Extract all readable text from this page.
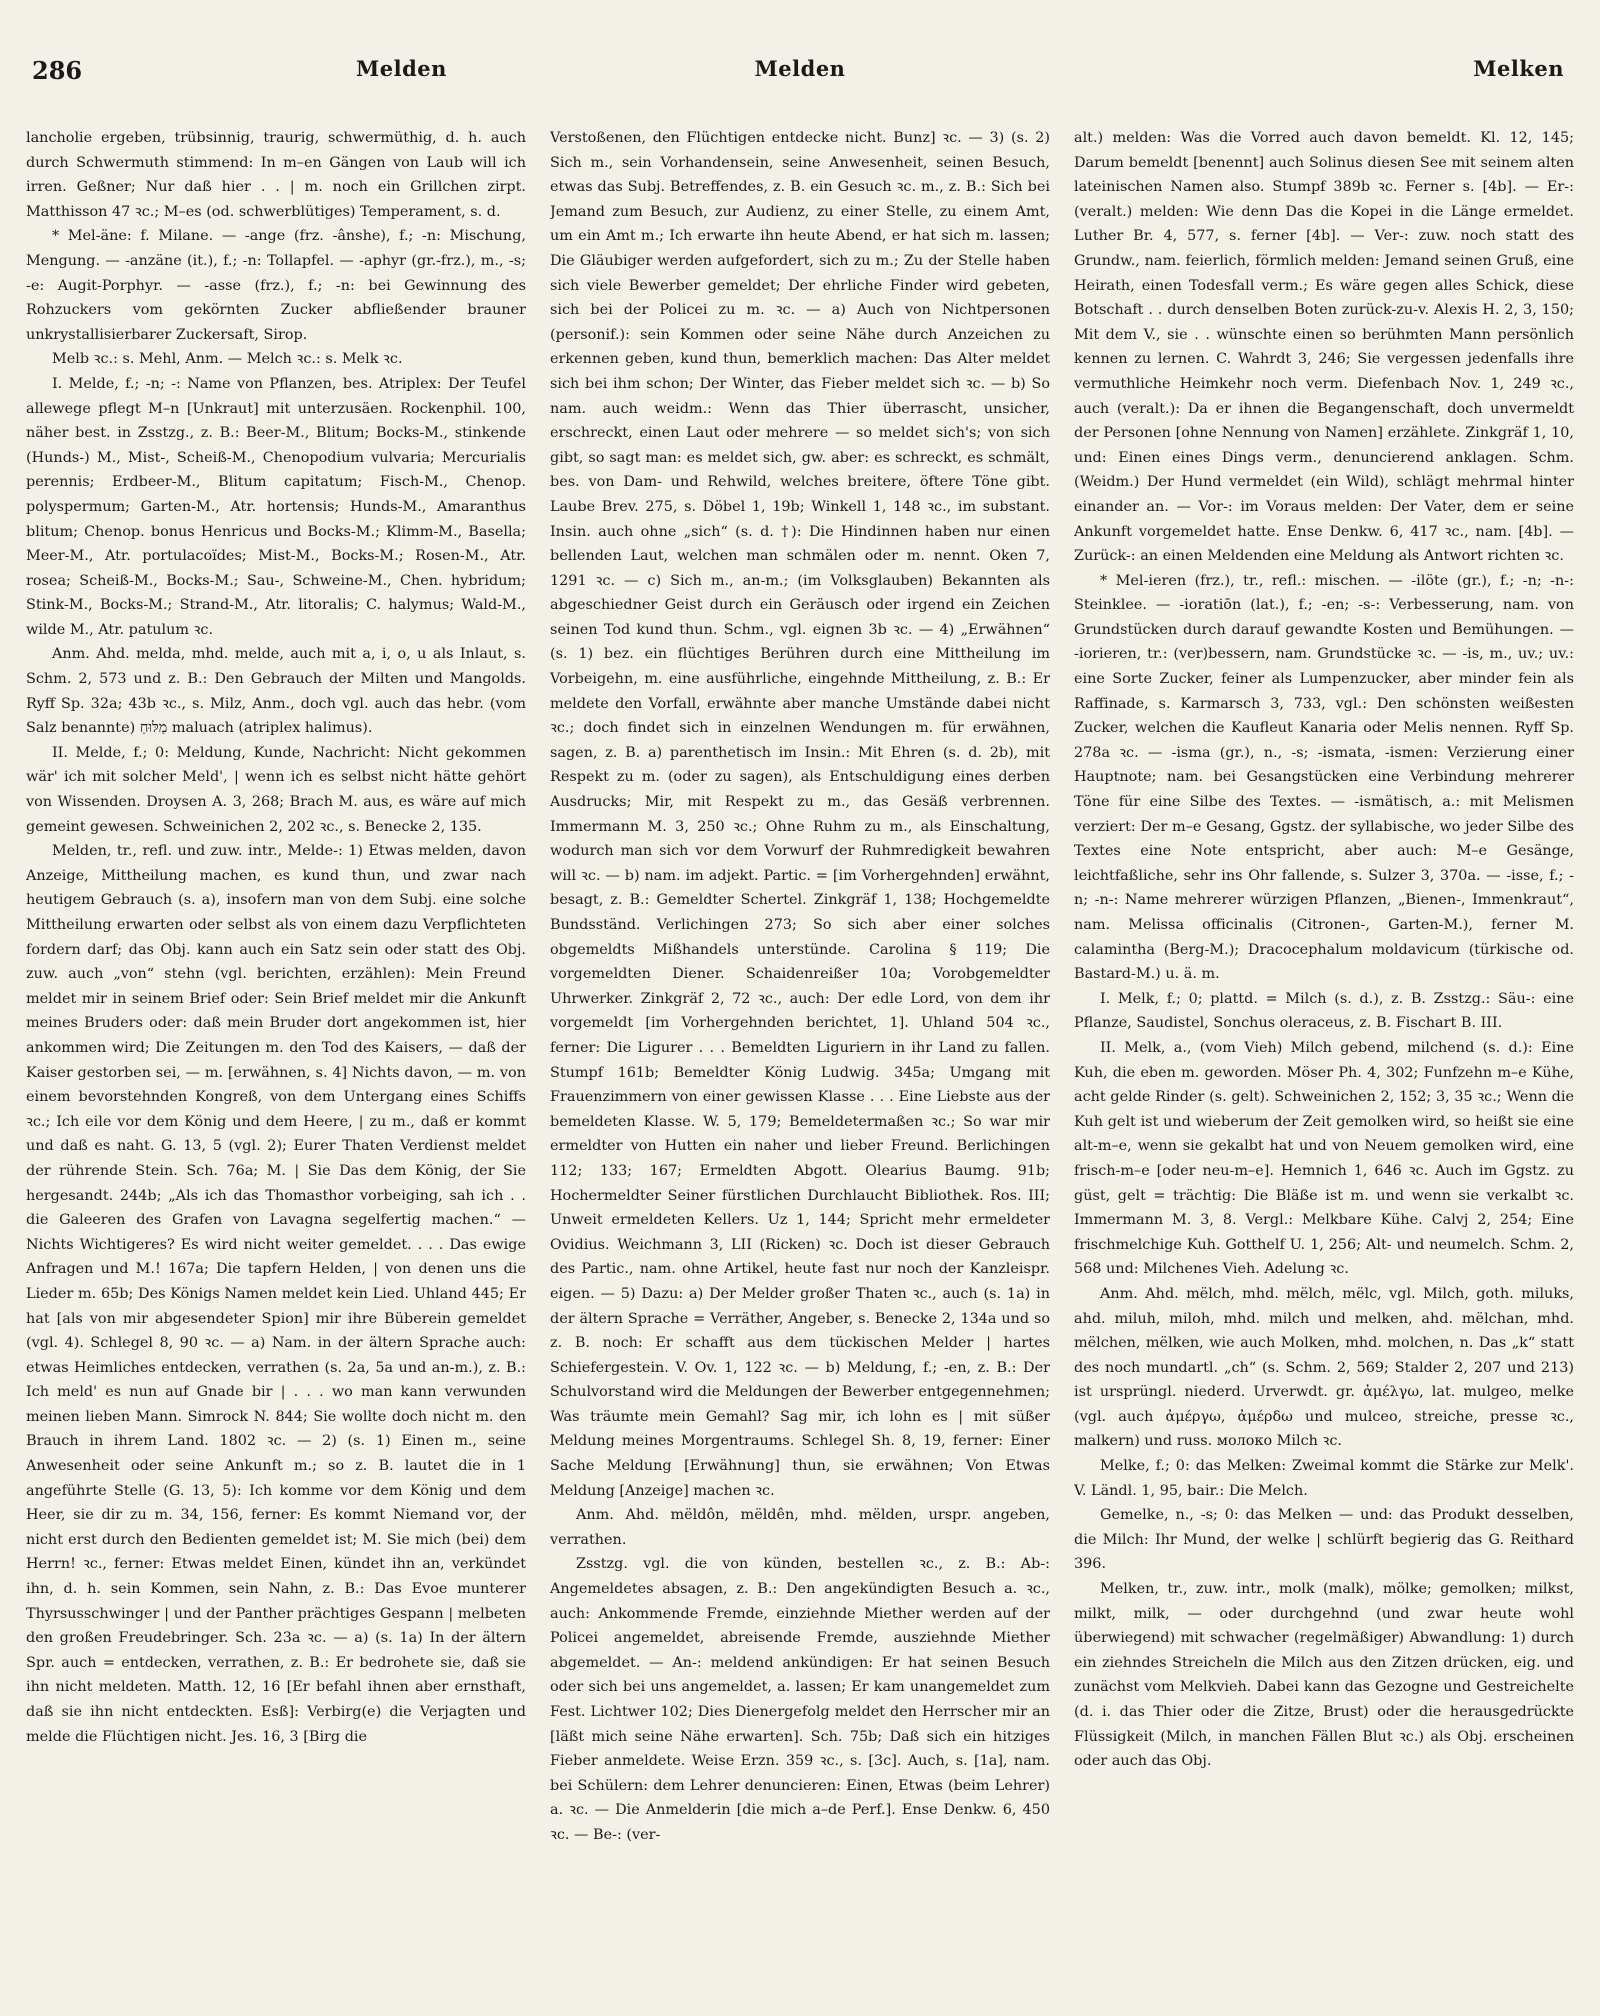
286	Melden	Melden	Melken

lancholie ergeben, trübsinnig, traurig, schwermüthig, d. h. auch durch Schwermuth stimmend: In m–en Gängen von Laub will ich irren. Geßner; Nur daß hier . . | m. noch ein Grillchen zirpt. Matthisson 47 ꝛc.; M–es (od. schwerblütiges) Temperament, s. d.

* Mel-äne: f. Milane. — -ange (frz. -ânshe), f.; -n: Mischung, Mengung. — -anzäne (it.), f.; -n: Tollapfel. — -aphyr (gr.-frz.), m., -s; -e: Augit-Porphyr. — -asse (frz.), f.; -n: bei Gewinnung des Rohzuckers vom gekörnten Zucker abfließender brauner unkrystallisierbarer Zuckersaft, Sirop.

Melb ꝛc.: s. Mehl, Anm. — Melch ꝛc.: s. Melk ꝛc.

I. Melde, f.; -n; -: Name von Pflanzen, bes. Atriplex: Der Teufel allewege pflegt M–n [Unkraut] mit unterzusäen. Rockenphil. 100, näher best. in Zsstzg., z. B.: Beer-M., Blitum; Bocks-M., stinkende (Hunds-) M., Mist-, Scheiß-M., Chenopodium vulvaria; Mercurialis perennis; Erdbeer-M., Blitum capitatum; Fisch-M., Chenop. polyspermum; Garten-M., Atr. hortensis; Hunds-M., Amaranthus blitum; Chenop. bonus Henricus und Bocks-M.; Klimm-M., Basella; Meer-M., Atr. portulacoïdes; Mist-M., Bocks-M.; Rosen-M., Atr. rosea; Scheiß-M., Bocks-M.; Sau-, Schweine-M., Chen. hybridum; Stink-M., Bocks-M.; Strand-M., Atr. litoralis; C. halymus; Wald-M., wilde M., Atr. patulum ꝛc.

Anm. Ahd. melda, mhd. melde, auch mit a, i, o, u als Inlaut, s. Schm. 2, 573 und z. B.: Den Gebrauch der Milten und Mangolds. Ryff Sp. 32a; 43b ꝛc., s. Milz, Anm., doch vgl. auch das hebr. (vom Salz benannte) מַלּוּחַ maluach (atriplex halimus).

II. Melde, f.; 0: Meldung, Kunde, Nachricht: Nicht gekommen wär' ich mit solcher Meld', | wenn ich es selbst nicht hätte gehört von Wissenden. Droysen A. 3, 268; Brach M. aus, es wäre auf mich gemeint gewesen. Schweinichen 2, 202 ꝛc., s. Benecke 2, 135.

Melden, tr., refl. und zuw. intr., Melde-: 1) Etwas melden, davon Anzeige, Mittheilung machen, es kund thun, und zwar nach heutigem Gebrauch (s. a), insofern man von dem Subj. eine solche Mittheilung erwarten oder selbst als von einem dazu Verpflichteten fordern darf; das Obj. kann auch ein Satz sein oder statt des Obj. zuw. auch „von“ stehn (vgl. berichten, erzählen): Mein Freund meldet mir in seinem Brief oder: Sein Brief meldet mir die Ankunft meines Bruders oder: daß mein Bruder dort angekommen ist, hier ankommen wird; Die Zeitungen m. den Tod des Kaisers, — daß der Kaiser gestorben sei, — m. [erwähnen, s. 4] Nichts davon, — m. von einem bevorstehnden Kongreß, von dem Untergang eines Schiffs ꝛc.; Ich eile vor dem König und dem Heere, | zu m., daß er kommt und daß es naht. G. 13, 5 (vgl. 2); Eurer Thaten Verdienst meldet der rührende Stein. Sch. 76a; M. | Sie Das dem König, der Sie hergesandt. 244b; „Als ich das Thomasthor vorbeiging, sah ich . . die Galeeren des Grafen von Lavagna segelfertig machen.“ — Nichts Wichtigeres? Es wird nicht weiter gemeldet. . . . Das ewige Anfragen und M.! 167a; Die tapfern Helden, | von denen uns die Lieder m. 65b; Des Königs Namen meldet kein Lied. Uhland 445; Er hat [als von mir abgesendeter Spion] mir ihre Büberein gemeldet (vgl. 4). Schlegel 8, 90 ꝛc. — a) Nam. in der ältern Sprache auch: etwas Heimliches entdecken, verrathen (s. 2a, 5a und an-m.), z. B.: Ich meld' es nun auf Gnade bir | . . . wo man kann verwunden meinen lieben Mann. Simrock N. 844; Sie wollte doch nicht m. den Brauch in ihrem Land. 1802 ꝛc. — 2) (s. 1) Einen m., seine Anwesenheit oder seine Ankunft m.; so z. B. lautet die in 1 angeführte Stelle (G. 13, 5): Ich komme vor dem König und dem Heer, sie dir zu m. 34, 156, ferner: Es kommt Niemand vor, der nicht erst durch den Bedienten gemeldet ist; M. Sie mich (bei) dem Herrn! ꝛc., ferner: Etwas meldet Einen, kündet ihn an, verkündet ihn, d. h. sein Kommen, sein Nahn, z. B.: Das Evoe munterer Thyrsusschwinger | und der Panther prächtiges Gespann | melbeten den großen Freudebringer. Sch. 23a ꝛc. — a) (s. 1a) In der ältern Spr. auch = entdecken, verrathen, z. B.: Er bedrohete sie, daß sie ihn nicht meldeten. Matth. 12, 16 [Er befahl ihnen aber ernsthaft, daß sie ihn nicht entdeckten. Esß]: Verbirg(e) die Verjagten und melde die Flüchtigen nicht. Jes. 16, 3 [Birg die

Verstoßenen, den Flüchtigen entdecke nicht. Bunz] ꝛc. — 3) (s. 2) Sich m., sein Vorhandensein, seine Anwesenheit, seinen Besuch, etwas das Subj. Betreffendes, z. B. ein Gesuch ꝛc. m., z. B.: Sich bei Jemand zum Besuch, zur Audienz, zu einer Stelle, zu einem Amt, um ein Amt m.; Ich erwarte ihn heute Abend, er hat sich m. lassen; Die Gläubiger werden aufgefordert, sich zu m.; Zu der Stelle haben sich viele Bewerber gemeldet; Der ehrliche Finder wird gebeten, sich bei der Policei zu m. ꝛc. — a) Auch von Nichtpersonen (personif.): sein Kommen oder seine Nähe durch Anzeichen zu erkennen geben, kund thun, bemerklich machen: Das Alter meldet sich bei ihm schon; Der Winter, das Fieber meldet sich ꝛc. — b) So nam. auch weidm.: Wenn das Thier überrascht, unsicher, erschreckt, einen Laut oder mehrere — so meldet sich's; von sich gibt, so sagt man: es meldet sich, gw. aber: es schreckt, es schmält, bes. von Dam- und Rehwild, welches breitere, öftere Töne gibt. Laube Brev. 275, s. Döbel 1, 19b; Winkell 1, 148 ꝛc., im substant. Insin. auch ohne „sich“ (s. d. †): Die Hindinnen haben nur einen bellenden Laut, welchen man schmälen oder m. nennt. Oken 7, 1291 ꝛc. — c) Sich m., an-m.; (im Volksglauben) Bekannten als abgeschiedner Geist durch ein Geräusch oder irgend ein Zeichen seinen Tod kund thun. Schm., vgl. eignen 3b ꝛc. — 4) „Erwähnen“ (s. 1) bez. ein flüchtiges Berühren durch eine Mittheilung im Vorbeigehn, m. eine ausführliche, eingehnde Mittheilung, z. B.: Er meldete den Vorfall, erwähnte aber manche Umstände dabei nicht ꝛc.; doch findet sich in einzelnen Wendungen m. für erwähnen, sagen, z. B. a) parenthetisch im Insin.: Mit Ehren (s. d. 2b), mit Respekt zu m. (oder zu sagen), als Entschuldigung eines derben Ausdrucks; Mir, mit Respekt zu m., das Gesäß verbrennen. Immermann M. 3, 250 ꝛc.; Ohne Ruhm zu m., als Einschaltung, wodurch man sich vor dem Vorwurf der Ruhmredigkeit bewahren will ꝛc. — b) nam. im adjekt. Partic. = [im Vorhergehnden] erwähnt, besagt, z. B.: Gemeldter Schertel. Zinkgräf 1, 138; Hochgemeldte Bundsständ. Verlichingen 273; So sich aber einer solches obgemeldts Mißhandels unterstünde. Carolina § 119; Die vorgemeldten Diener. Schaidenreißer 10a; Vorobgemeldter Uhrwerker. Zinkgräf 2, 72 ꝛc., auch: Der edle Lord, von dem ihr vorgemeldt [im Vorhergehnden berichtet, 1]. Uhland 504 ꝛc., ferner: Die Ligurer . . . Bemeldten Liguriern in ihr Land zu fallen. Stumpf 161b; Bemeldter König Ludwig. 345a; Umgang mit Frauenzimmern von einer gewissen Klasse . . . Eine Liebste aus der bemeldeten Klasse. W. 5, 179; Bemeldetermaßen ꝛc.; So war mir ermeldter von Hutten ein naher und lieber Freund. Berlichingen 112; 133; 167; Ermeldten Abgott. Olearius Baumg. 91b; Hochermeldter Seiner fürstlichen Durchlaucht Bibliothek. Ros. III; Unweit ermeldeten Kellers. Uz 1, 144; Spricht mehr ermeldeter Ovidius. Weichmann 3, LII (Ricken) ꝛc. Doch ist dieser Gebrauch des Partic., nam. ohne Artikel, heute fast nur noch der Kanzleispr. eigen. — 5) Dazu: a) Der Melder großer Thaten ꝛc., auch (s. 1a) in der ältern Sprache = Verräther, Angeber, s. Benecke 2, 134a und so z. B. noch: Er schafft aus dem tückischen Melder | hartes Schiefergestein. V. Ov. 1, 122 ꝛc. — b) Meldung, f.; -en, z. B.: Der Schulvorstand wird die Meldungen der Bewerber entgegennehmen; Was träumte mein Gemahl? Sag mir, ich lohn es | mit süßer Meldung meines Morgentraums. Schlegel Sh. 8, 19, ferner: Einer Sache Meldung [Erwähnung] thun, sie erwähnen; Von Etwas Meldung [Anzeige] machen ꝛc.

Anm. Ahd. mëldôn, mëldên, mhd. mëlden, urspr. angeben, verrathen.

Zsstzg. vgl. die von künden, bestellen ꝛc., z. B.: Ab-: Angemeldetes absagen, z. B.: Den angekündigten Besuch a. ꝛc., auch: Ankommende Fremde, einziehnde Miether werden auf der Policei angemeldet, abreisende Fremde, ausziehnde Miether abgemeldet. — An-: meldend ankündigen: Er hat seinen Besuch oder sich bei uns angemeldet, a. lassen; Er kam unangemeldet zum Fest. Lichtwer 102; Dies Dienergefolg meldet den Herrscher mir an [läßt mich seine Nähe erwarten]. Sch. 75b; Daß sich ein hitziges Fieber anmeldete. Weise Erzn. 359 ꝛc., s. [3c]. Auch, s. [1a], nam. bei Schülern: dem Lehrer denuncieren: Einen, Etwas (beim Lehrer) a. ꝛc. — Die Anmelderin [die mich a–de Perf.]. Ense Denkw. 6, 450 ꝛc. — Be-: (ver-

alt.) melden: Was die Vorred auch davon bemeldt. Kl. 12, 145; Darum bemeldt [benennt] auch Solinus diesen See mit seinem alten lateinischen Namen also. Stumpf 389b ꝛc. Ferner s. [4b]. — Er-: (veralt.) melden: Wie denn Das die Kopei in die Länge ermeldet. Luther Br. 4, 577, s. ferner [4b]. — Ver-: zuw. noch statt des Grundw., nam. feierlich, förmlich melden: Jemand seinen Gruß, eine Heirath, einen Todesfall verm.; Es wäre gegen alles Schick, diese Botschaft . . durch denselben Boten zurück-zu-v. Alexis H. 2, 3, 150; Mit dem V., sie . . wünschte einen so berühmten Mann persönlich kennen zu lernen. C. Wahrdt 3, 246; Sie vergessen jedenfalls ihre vermuthliche Heimkehr noch verm. Diefenbach Nov. 1, 249 ꝛc., auch (veralt.): Da er ihnen die Begangenschaft, doch unvermeldt der Personen [ohne Nennung von Namen] erzählete. Zinkgräf 1, 10, und: Einen eines Dings verm., denuncierend anklagen. Schm. (Weidm.) Der Hund vermeldet (ein Wild), schlägt mehrmal hinter einander an. — Vor-: im Voraus melden: Der Vater, dem er seine Ankunft vorgemeldet hatte. Ense Denkw. 6, 417 ꝛc., nam. [4b]. — Zurück-: an einen Meldenden eine Meldung als Antwort richten ꝛc.

* Mel-ieren (frz.), tr., refl.: mischen. — -ilöte (gr.), f.; -n; -n-: Steinklee. — -ioratiōn (lat.), f.; -en; -s-: Verbesserung, nam. von Grundstücken durch darauf gewandte Kosten und Bemühungen. — -iorieren, tr.: (ver)bessern, nam. Grundstücke ꝛc. — -is, m., uv.; uv.: eine Sorte Zucker, feiner als Lumpenzucker, aber minder fein als Raffinade, s. Karmarsch 3, 733, vgl.: Den schönsten weißesten Zucker, welchen die Kaufleut Kanaria oder Melis nennen. Ryff Sp. 278a ꝛc. — -isma (gr.), n., -s; -ismata, -ismen: Verzierung einer Hauptnote; nam. bei Gesangstücken eine Verbindung mehrerer Töne für eine Silbe des Textes. — -ismätisch, a.: mit Melismen verziert: Der m–e Gesang, Ggstz. der syllabische, wo jeder Silbe des Textes eine Note entspricht, aber auch: M–e Gesänge, leichtfaßliche, sehr ins Ohr fallende, s. Sulzer 3, 370a. — -isse, f.; -n; -n-: Name mehrerer würzigen Pflanzen, „Bienen-, Immenkraut“, nam. Melissa officinalis (Citronen-, Garten-M.), ferner M. calamintha (Berg-M.); Dracocephalum moldavicum (türkische od. Bastard-M.) u. ä. m.

I. Melk, f.; 0; plattd. = Milch (s. d.), z. B. Zsstzg.: Säu-: eine Pflanze, Saudistel, Sonchus oleraceus, z. B. Fischart B. III.

II. Melk, a., (vom Vieh) Milch gebend, milchend (s. d.): Eine Kuh, die eben m. geworden. Möser Ph. 4, 302; Funfzehn m–e Kühe, acht gelde Rinder (s. gelt). Schweinichen 2, 152; 3, 35 ꝛc.; Wenn die Kuh gelt ist und wieberum der Zeit gemolken wird, so heißt sie eine alt-m–e, wenn sie gekalbt hat und von Neuem gemolken wird, eine frisch-m–e [oder neu-m–e]. Hemnich 1, 646 ꝛc. Auch im Ggstz. zu güst, gelt = trächtig: Die Bläße ist m. und wenn sie verkalbt ꝛc. Immermann M. 3, 8. Vergl.: Melkbare Kühe. Calvj 2, 254; Eine frischmelchige Kuh. Gotthelf U. 1, 256; Alt- und neumelch. Schm. 2, 568 und: Milchenes Vieh. Adelung ꝛc.

Anm. Ahd. mëlch, mhd. mëlch, mëlc, vgl. Milch, goth. miluks, ahd. miluh, miloh, mhd. milch und melken, ahd. mëlchan, mhd. mëlchen, mëlken, wie auch Molken, mhd. molchen, n. Das „k“ statt des noch mundartl. „ch“ (s. Schm. 2, 569; Stalder 2, 207 und 213) ist ursprüngl. niederd. Urverwdt. gr. ἀμέλγω, lat. mulgeo, melke (vgl. auch ἀμέργω, ἀμέρδω und mulceo, streiche, presse ꝛc., malkern) und russ. молоко Milch ꝛc.

Melke, f.; 0: das Melken: Zweimal kommt die Stärke zur Melk'. V. Ländl. 1, 95, bair.: Die Melch.

Gemelke, n., -s; 0: das Melken — und: das Produkt desselben, die Milch: Ihr Mund, der welke | schlürft begierig das G. Reithard 396.

Melken, tr., zuw. intr., molk (malk), mölke; gemolken; milkst, milkt, milk, — oder durchgehnd (und zwar heute wohl überwiegend) mit schwacher (regelmäßiger) Abwandlung: 1) durch ein ziehndes Streicheln die Milch aus den Zitzen drücken, eig. und zunächst vom Melkvieh. Dabei kann das Gezogne und Gestreichelte (d. i. das Thier oder die Zitze, Brust) oder die herausgedrückte Flüssigkeit (Milch, in manchen Fällen Blut ꝛc.) als Obj. erscheinen oder auch das Obj.
